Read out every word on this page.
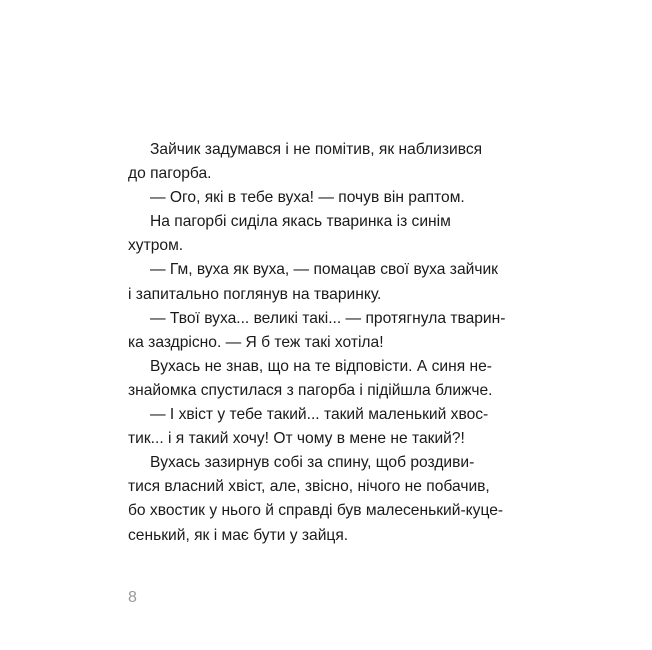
Зайчик задумався і не помітив, як наблизився
до пагорба.
— Ого, які в тебе вуха! — почув він раптом.
На пагорбі сиділа якась тваринка із синім
хутром.
— Гм, вуха як вуха, — помацав свої вуха зайчик
і запитально поглянув на тваринку.
— Твої вуха... великі такі... — протягнула тварин-
ка заздрісно. — Я б теж такі хотіла!
Вухась не знав, що на те відповісти. А синя не-
знайомка спустилася з пагорба і підійшла ближче.
— І хвіст у тебе такий... такий маленький хвос-
тик... і я такий хочу! От чому в мене не такий?!
Вухась зазирнув собі за спину, щоб роздиви-
тися власний хвіст, але, звісно, нічого не побачив,
бо хвостик у нього й справді був малесенький-куце-
сенький, як і має бути у зайця.
8
